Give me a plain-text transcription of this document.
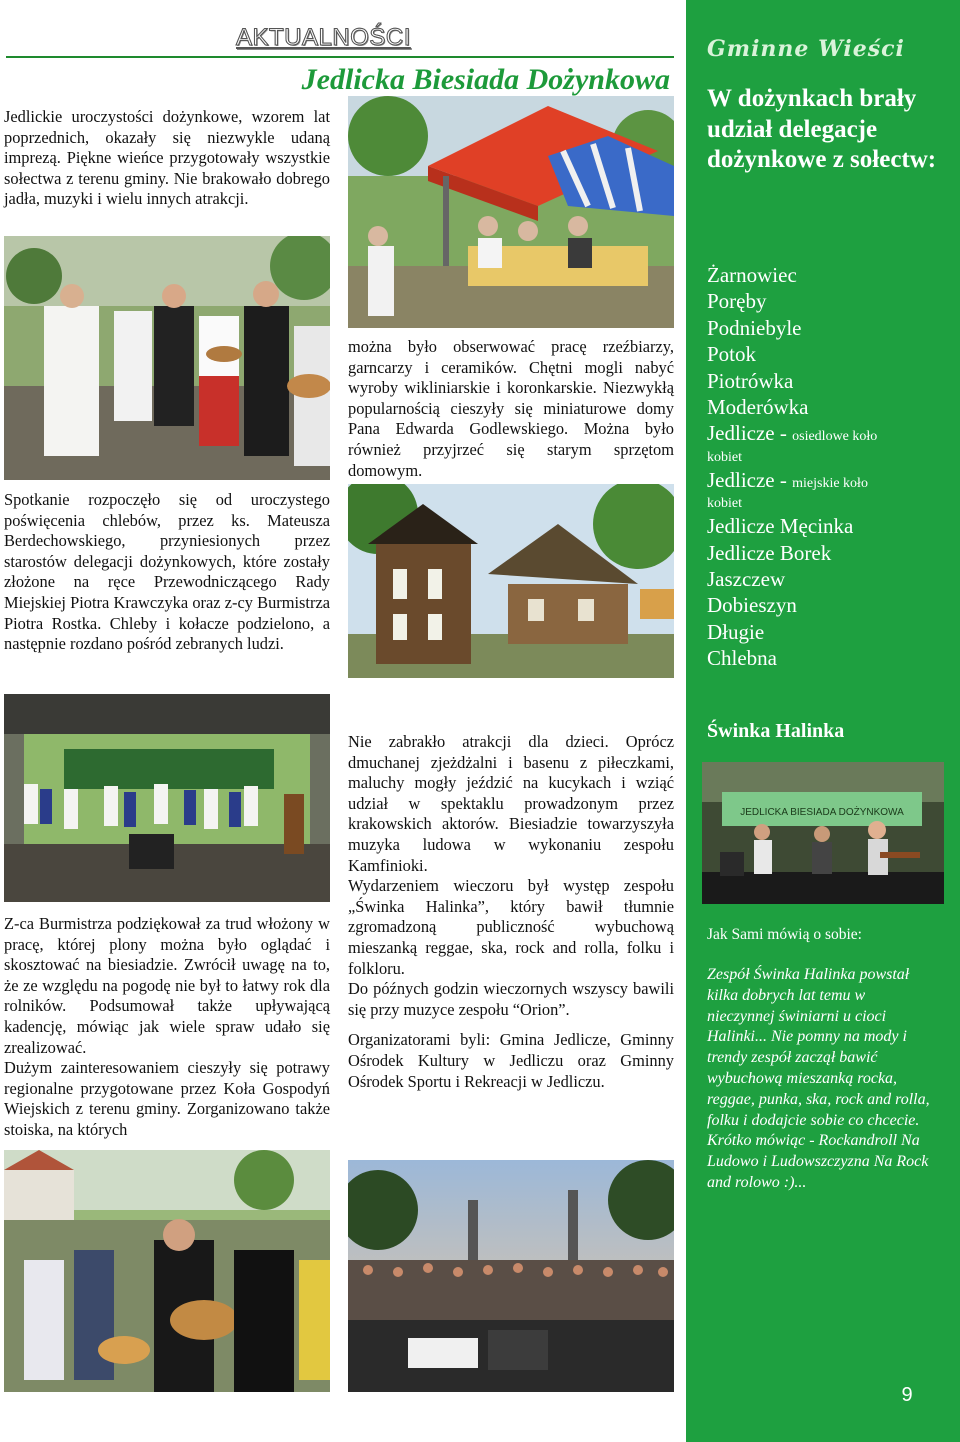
AKTUALNOŚCI
Jedlicka Biesiada Dożynkowa
Jedlickie uroczystości dożynkowe, wzorem lat poprzednich, okazały się niezwykle udaną imprezą. Piękne wieńce przygotowały wszystkie sołectwa z terenu gminy. Nie brakowało dobrego jadła, muzyki i wielu innych atrakcji.
Spotkanie rozpoczęło się od uroczystego poświęcenia chlebów, przez ks. Mateusza Berdechowskiego, przyniesionych przez starostów delegacji dożynkowych, które zostały złożone na ręce Przewodniczącego Rady Miejskiej Piotra Krawczyka oraz z-cy Burmistrza Piotra Rostka. Chleby i kołacze podzielono, a następnie rozdano pośród zebranych ludzi.

Z-ca Burmistrza podziękował za trud włożony w pracę, której plony można było oglądać i skosztować na biesiadzie. Zwrócił uwagę na to, że ze względu na pogodę nie był to łatwy rok dla rolników. Podsumował także upływającą kadencję, mówiąc jak wiele spraw udało się zrealizować.

Dużym zainteresowaniem cieszyły się potrawy regionalne przygotowane przez Koła Gospodyń Wiejskich z terenu gminy. Zorganizowano także stoiska, na których

można było obserwować pracę rzeźbiarzy, garncarzy i ceramików. Chętni mogli nabyć wyroby wikliniarskie i koronkarskie. Niezwykłą popularnością cieszyły się miniaturowe domy Pana Edwarda Godlewskiego. Można było również przyjrzeć się starym sprzętom domowym.

Nie zabrakło atrakcji dla dzieci. Oprócz dmuchanej zjeżdżalni i basenu z piłeczkami, maluchy mogły jeździć na kucykach i wziąć udział w spektaklu prowadzonym przez krakowskich aktorów. Biesiadzie towarzyszyła muzyka ludowa w wykonaniu zespołu Kamfinioki.

Wydarzeniem wieczoru był występ zespołu „Świnka Halinka”, który bawił tłumnie zgromadzoną publiczność wybuchową mieszanką reggae, ska, rock and rolla, folku i folkloru.

Do późnych godzin wieczornych wszyscy bawili się przy muzyce zespołu “Orion”.

Organizatorami byli: Gmina Jedlicze, Gminny Ośrodek Kultury w Jedliczu oraz Gminny Ośrodek Sportu i Rekreacji w Jedliczu.

Gminne Wieści
W dożynkach brały udział delegacje dożynkowe z sołectw:
Żarnowiec
Poręby
Podniebyle
Potok
Piotrówka
Moderówka
Jedlicze - osiedlowe koło
kobiet
Jedlicze - miejskie koło
kobiet
Jedlicze Męcinka
Jedlicze Borek
Jaszczew
Dobieszyn
Długie
Chlebna
Świnka Halinka
JEDLICKA BIESIADA DOŻYNKOWA
Jak Sami mówią o sobie:
Zespół Świnka Halinka powstał kilka dobrych lat temu w nieczynnej świniarni u cioci Halinki... Nie pomny na mody i trendy zespół zaczął bawić wybuchową mieszanką rocka, reggae, punka, ska, rock and rolla, folku i dodajcie sobie co chcecie. Krótko mówiąc - Rockandroll Na Ludowo i Ludowszczyzna Na Rock and rolowo :)...
9
